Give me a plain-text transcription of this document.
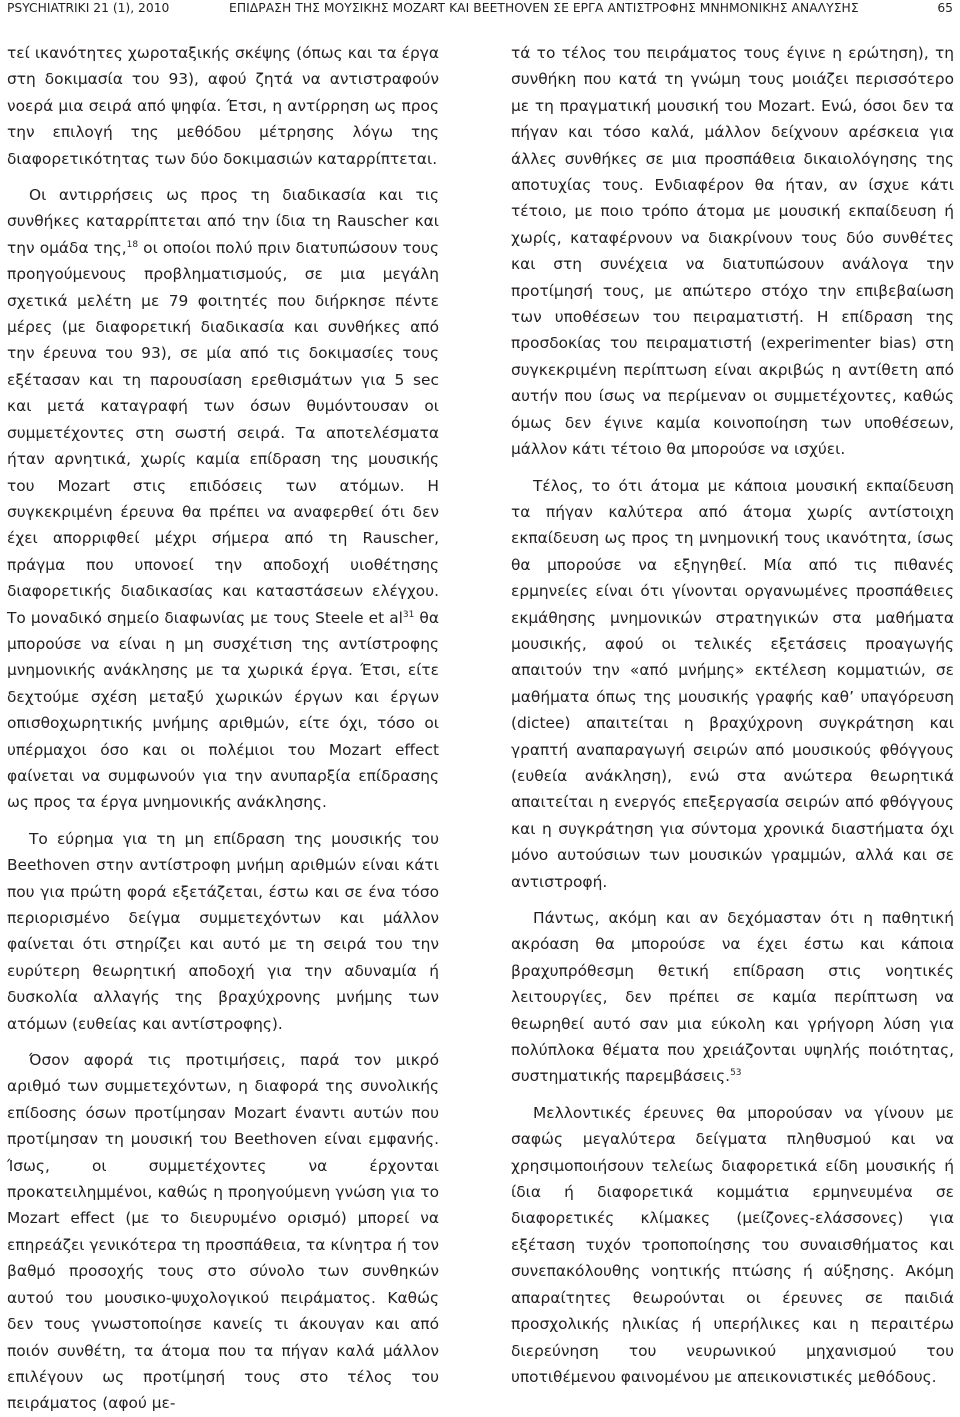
PSYCHIATRIKI 21 (1), 2010	ΕΠΙΔΡΑΣΗ ΤΗΣ ΜΟΥΣΙΚΗΣ MOZART ΚΑΙ BEETHOVEN ΣΕ ΕΡΓΑ ΑΝΤΙΣΤΡΟΦΗΣ ΜΝΗΜΟΝΙΚΗΣ ΑΝΑΛΥΣΗΣ	65

τεί ικανότητες χωροταξικής σκέψης (όπως και τα έργα στη δοκιμασία του 93), αφού ζητά να αντιστραφούν νοερά μια σειρά από ψηφία. Έτσι, η αντίρρηση ως προς την επιλογή της μεθόδου μέτρησης λόγω της διαφορετικότητας των δύο δοκιμασιών καταρρίπτεται.

Οι αντιρρήσεις ως προς τη διαδικασία και τις συνθήκες καταρρίπτεται από την ίδια τη Rauscher και την ομάδα της,$^{18}$ οι οποίοι πολύ πριν διατυπώσουν τους προηγούμενους προβληματισμούς, σε μια μεγάλη σχετικά μελέτη με 79 φοιτητές που διήρκησε πέντε μέρες (με διαφορετική διαδικασία και συνθήκες από την έρευνα του 93), σε μία από τις δοκιμασίες τους εξέτασαν και τη παρουσίαση ερεθισμάτων για 5 sec και μετά καταγραφή των όσων θυμόντουσαν οι συμμετέχοντες στη σωστή σειρά. Τα αποτελέσματα ήταν αρνητικά, χωρίς καμία επίδραση της μουσικής του Mozart στις επιδόσεις των ατόμων. Η συγκεκριμένη έρευνα θα πρέπει να αναφερθεί ότι δεν έχει απορριφθεί μέχρι σήμερα από τη Rauscher, πράγμα που υπονοεί την αποδοχή υιοθέτησης διαφορετικής διαδικασίας και καταστάσεων ελέγχου. Το μοναδικό σημείο διαφωνίας με τους Steele et $al^{31}$ θα μπορούσε να είναι η μη συσχέτιση της αντίστροφης μνημονικής ανάκλησης με τα χωρικά έργα. Έτσι, είτε δεχτούμε σχέση μεταξύ χωρικών έργων και έργων οπισθοχωρητικής μνήμης αριθμών, είτε όχι, τόσο οι υπέρμαχοι όσο και οι πολέμιοι του Mozart effect φαίνεται να συμφωνούν για την ανυπαρξία επίδρασης ως προς τα έργα μνημονικής ανάκλησης.

Το εύρημα για τη μη επίδραση της μουσικής του Beethoven στην αντίστροφη μνήμη αριθμών είναι κάτι που για πρώτη φορά εξετάζεται, έστω και σε ένα τόσο περιορισμένο δείγμα συμμετεχόντων και μάλλον φαίνεται ότι στηρίζει και αυτό με τη σειρά του την ευρύτερη θεωρητική αποδοχή για την αδυναμία ή δυσκολία αλλαγής της βραχύχρονης μνήμης των ατόμων (ευθείας και αντίστροφης).

Όσον αφορά τις προτιμήσεις, παρά τον μικρό αριθμό των συμμετεχόντων, η διαφορά της συνολικής επίδοσης όσων προτίμησαν Mozart έναντι αυτών που προτίμησαν τη μουσική του Beethoven είναι εμφανής. Ίσως, οι συμμετέχοντες να έρχονται προκατειλημμένοι, καθώς η προηγούμενη γνώση για το Mozart effect (με το διευρυμένο ορισμό) μπορεί να επηρεάζει γενικότερα τη προσπάθεια, τα κίνητρα ή τον βαθμό προσοχής τους στο σύνολο των συνθηκών αυτού του μουσικο-ψυχολογικού πειράματος. Καθώς δεν τους γνωστοποίησε κανείς τι άκουγαν και από ποιόν συνθέτη, τα άτομα που τα πήγαν καλά μάλλον επιλέγουν ως προτίμησή τους στο τέλος του πειράματος (αφού με-

τά το τέλος του πειράματος τους έγινε η ερώτηση), τη συνθήκη που κατά τη γνώμη τους μοιάζει περισσότερο με τη πραγματική μουσική του Mozart. Ενώ, όσοι δεν τα πήγαν και τόσο καλά, μάλλον δείχνουν αρέσκεια για άλλες συνθήκες σε μια προσπάθεια δικαιολόγησης της αποτυχίας τους. Ενδιαφέρον θα ήταν, αν ίσχυε κάτι τέτοιο, με ποιο τρόπο άτομα με μουσική εκπαίδευση ή χωρίς, καταφέρνουν να διακρίνουν τους δύο συνθέτες και στη συνέχεια να διατυπώσουν ανάλογα την προτίμησή τους, με απώτερο στόχο την επιβεβαίωση των υποθέσεων του πειραματιστή. Η επίδραση της προσδοκίας του πειραματιστή (experimenter bias) στη συγκεκριμένη περίπτωση είναι ακριβώς η αντίθετη από αυτήν που ίσως να περίμεναν οι συμμετέχοντες, καθώς όμως δεν έγινε καμία κοινοποίηση των υποθέσεων, μάλλον κάτι τέτοιο θα μπορούσε να ισχύει.

Τέλος, το ότι άτομα με κάποια μουσική εκπαίδευση τα πήγαν καλύτερα από άτομα χωρίς αντίστοιχη εκπαίδευση ως προς τη μνημονική τους ικανότητα, ίσως θα μπορούσε να εξηγηθεί. Μία από τις πιθανές ερμηνείες είναι ότι γίνονται οργανωμένες προσπάθειες εκμάθησης μνημονικών στρατηγικών στα μαθήματα μουσικής, αφού οι τελικές εξετάσεις προαγωγής απαιτούν την «από μνήμης» εκτέλεση κομματιών, σε μαθήματα όπως της μουσικής γραφής καθ’ υπαγόρευση (dictee) απαιτείται η βραχύχρονη συγκράτηση και γραπτή αναπαραγωγή σειρών από μουσικούς φθόγγους (ευθεία ανάκληση), ενώ στα ανώτερα θεωρητικά απαιτείται η ενεργός επεξεργασία σειρών από φθόγγους και η συγκράτηση για σύντομα χρονικά διαστήματα όχι μόνο αυτούσιων των μουσικών γραμμών, αλλά και σε αντιστροφή.

Πάντως, ακόμη και αν δεχόμασταν ότι η παθητική ακρόαση θα μπορούσε να έχει έστω και κάποια βραχυπρόθεσμη θετική επίδραση στις νοητικές λειτουργίες, δεν πρέπει σε καμία περίπτωση να θεωρηθεί αυτό σαν μια εύκολη και γρήγορη λύση για πολύπλοκα θέματα που χρειάζονται υψηλής ποιότητας, συστηματικής παρεμβάσεις.$^{53}$

Μελλοντικές έρευνες θα μπορούσαν να γίνουν με σαφώς μεγαλύτερα δείγματα πληθυσμού και να χρησιμοποιήσουν τελείως διαφορετικά είδη μουσικής ή ίδια ή διαφορετικά κομμάτια ερμηνευμένα σε διαφορετικές κλίμακες (μείζονες-ελάσσονες) για εξέταση τυχόν τροποποίησης του συναισθήματος και συνεπακόλουθης νοητικής πτώσης ή αύξησης. Ακόμη απαραίτητες θεωρούνται οι έρευνες σε παιδιά προσχολικής ηλικίας ή υπερήλικες και η περαιτέρω διερεύνηση του νευρωνικού μηχανισμού του υποτιθέμενου φαινομένου με απεικονιστικές μεθόδους.
